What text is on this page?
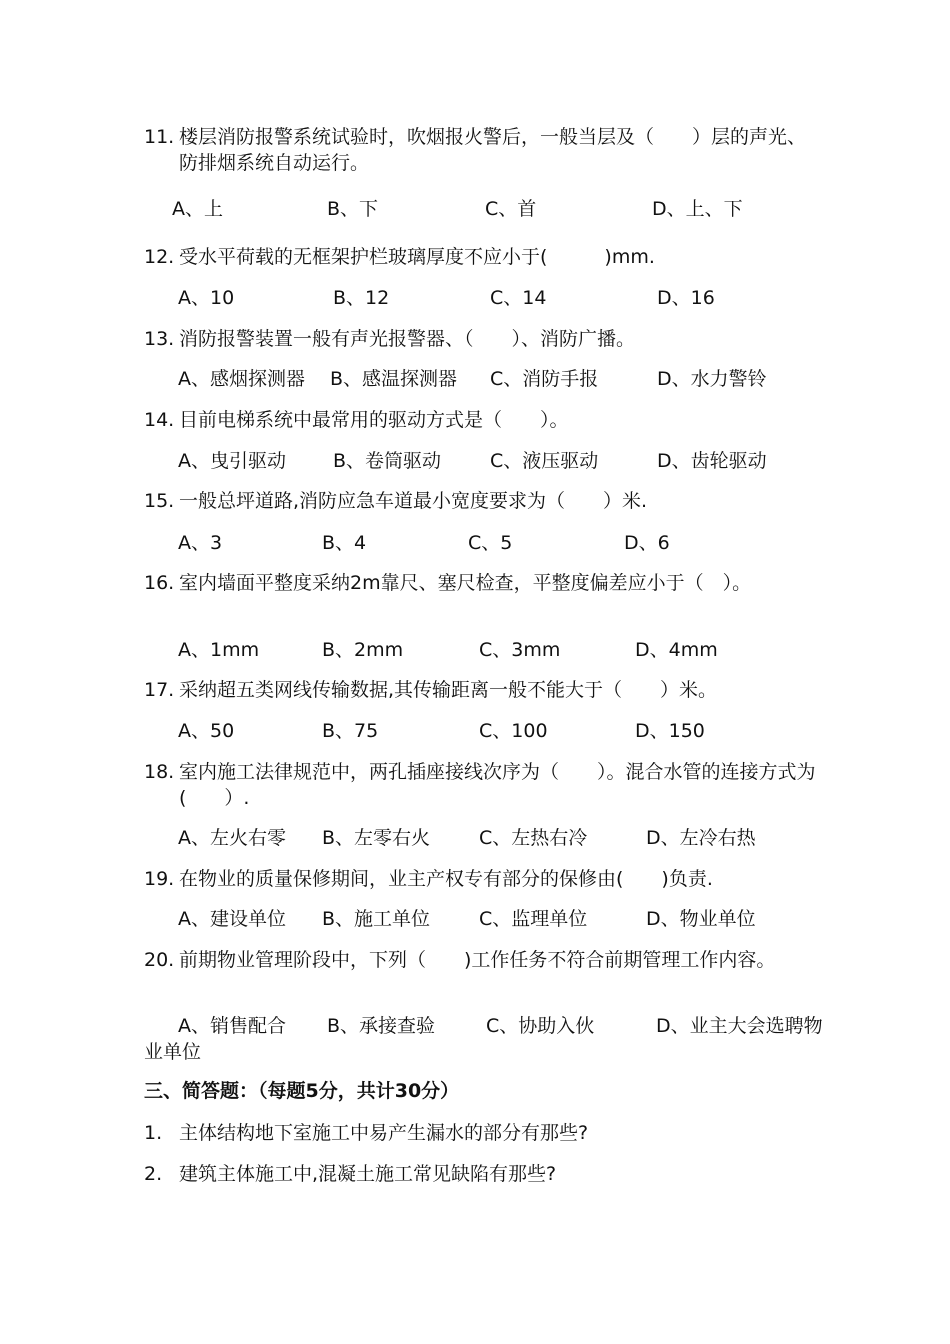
11. 楼层消防报警系统试验时，吹烟报火警后，一般当层及（　　）层的声光、防排烟系统自动运行。
A、上	B、下	C、首	D、上、下
12. 受水平荷载的无框架护栏玻璃厚度不应小于(　　　)mm.
A、10	B、12	C、14	D、16
13. 消防报警装置一般有声光报警器、（　　）、消防广播。
A、感烟探测器 B、感温探测器 C、消防手报	D、水力警铃
14. 目前电梯系统中最常用的驱动方式是（　　）。
A、曳引驱动 B、卷筒驱动	C、液压驱动	D、齿轮驱动
15. 一般总坪道路,消防应急车道最小宽度要求为（　　）米.
A、3	B、4	C、5	D、6
16. 室内墙面平整度采纳2m靠尺、塞尺检查，平整度偏差应小于（　）。
A、1mm	B、2mm	C、3mm	D、4mm
17. 采纳超五类网线传输数据,其传输距离一般不能大于（　　）米。
A、50	B、75	C、100	D、150
18. 室内施工法律规范中，两孔插座接线次序为（　　）。混合水管的连接方式为(　　）.
A、左火右零 B、左零右火	C、左热右冷	D、左冷右热
19. 在物业的质量保修期间，业主产权专有部分的保修由(　　)负责.
A、建设单位 B、施工单位	C、监理单位	D、物业单位
20. 前期物业管理阶段中，下列（　　)工作任务不符合前期管理工作内容。
A、销售配合 B、承接查验	C、协助入伙	D、业主大会选聘物业单位
三、简答题：（每题5分，共计30分）
1. 主体结构地下室施工中易产生漏水的部分有那些?
2. 建筑主体施工中,混凝土施工常见缺陷有那些?
